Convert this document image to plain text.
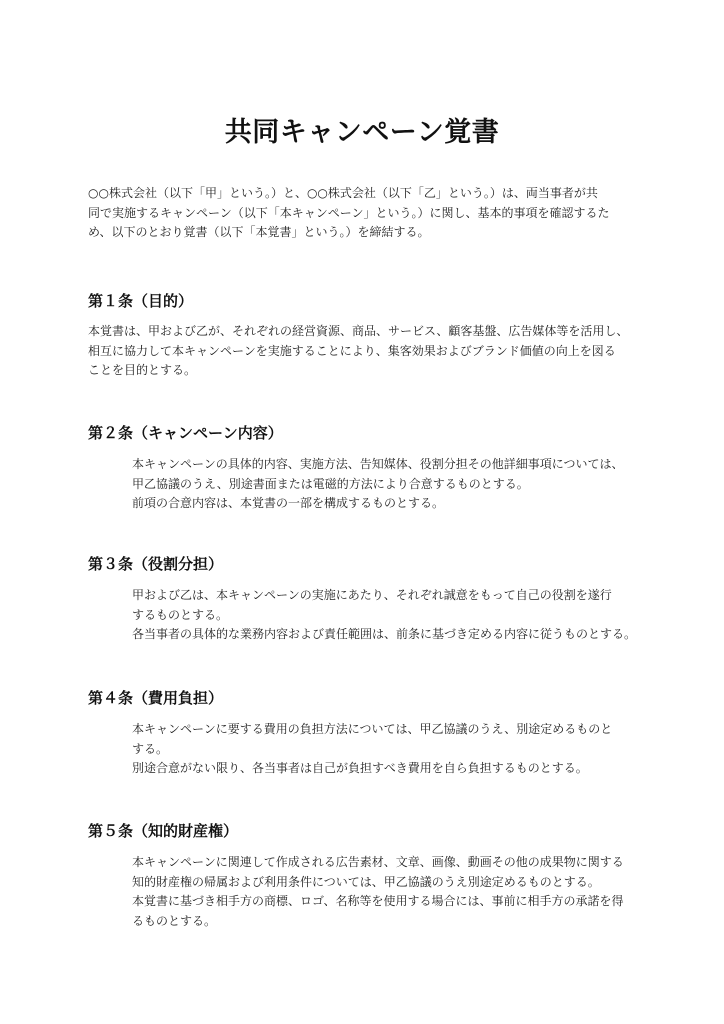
共同キャンペーン覚書
○○株式会社（以下「甲」という。）と、○○株式会社（以下「乙」という。）は、両当事者が共
同で実施するキャンペーン（以下「本キャンペーン」という。）に関し、基本的事項を確認するた
め、以下のとおり覚書（以下「本覚書」という。）を締結する。
第１条（目的）
本覚書は、甲および乙が、それぞれの経営資源、商品、サービス、顧客基盤、広告媒体等を活用し、
相互に協力して本キャンペーンを実施することにより、集客効果およびブランド価値の向上を図る
ことを目的とする。
第２条（キャンペーン内容）
本キャンペーンの具体的内容、実施方法、告知媒体、役割分担その他詳細事項については、
甲乙協議のうえ、別途書面または電磁的方法により合意するものとする。
前項の合意内容は、本覚書の一部を構成するものとする。
第３条（役割分担）
甲および乙は、本キャンペーンの実施にあたり、それぞれ誠意をもって自己の役割を遂行
するものとする。
各当事者の具体的な業務内容および責任範囲は、前条に基づき定める内容に従うものとする。
第４条（費用負担）
本キャンペーンに要する費用の負担方法については、甲乙協議のうえ、別途定めるものと
する。
別途合意がない限り、各当事者は自己が負担すべき費用を自ら負担するものとする。
第５条（知的財産権）
本キャンペーンに関連して作成される広告素材、文章、画像、動画その他の成果物に関する
知的財産権の帰属および利用条件については、甲乙協議のうえ別途定めるものとする。
本覚書に基づき相手方の商標、ロゴ、名称等を使用する場合には、事前に相手方の承諾を得
るものとする。
